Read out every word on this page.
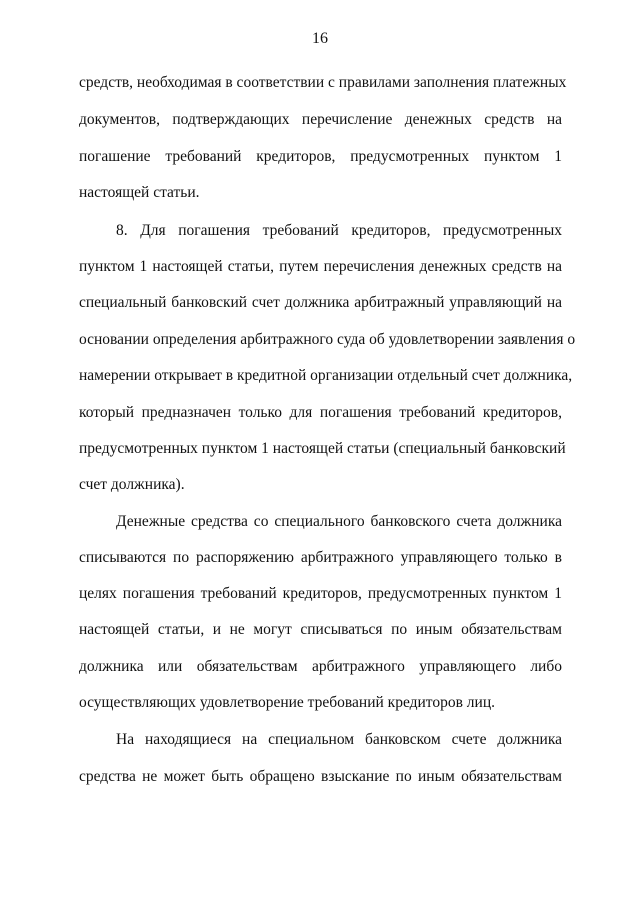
16
средств, необходимая в соответствии с правилами заполнения платежных
документов, подтверждающих перечисление денежных средств на
погашение требований кредиторов, предусмотренных пунктом 1
настоящей статьи.
8. Для погашения требований кредиторов, предусмотренных
пунктом 1 настоящей статьи, путем перечисления денежных средств на
специальный банковский счет должника арбитражный управляющий на
основании определения арбитражного суда об удовлетворении заявления о
намерении открывает в кредитной организации отдельный счет должника,
который предназначен только для погашения требований кредиторов,
предусмотренных пунктом 1 настоящей статьи (специальный банковский
счет должника).
Денежные средства со специального банковского счета должника
списываются по распоряжению арбитражного управляющего только в
целях погашения требований кредиторов, предусмотренных пунктом 1
настоящей статьи, и не могут списываться по иным обязательствам
должника или обязательствам арбитражного управляющего либо
осуществляющих удовлетворение требований кредиторов лиц.
На находящиеся на специальном банковском счете должника
средства не может быть обращено взыскание по иным обязательствам
